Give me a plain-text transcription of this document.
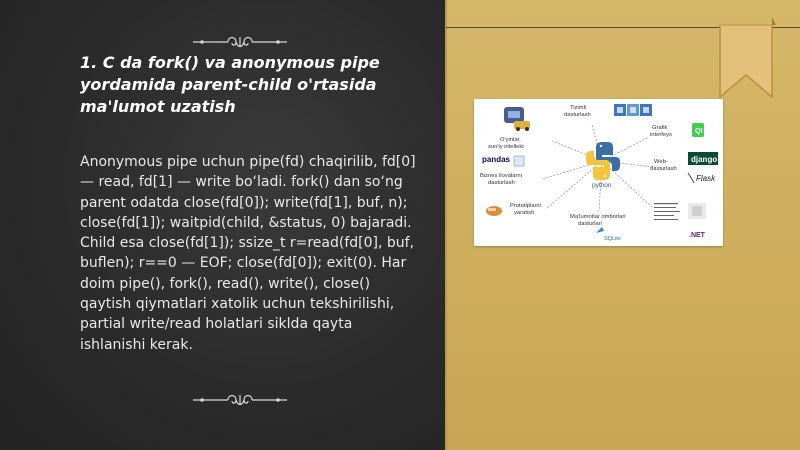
1. C da fork() va anonymous pipe yordamida parent-child o'rtasida ma'lumot uzatish

Anonymous pipe uchun pipe(fd) chaqirilib, fd[0] — read, fd[1] — write bo‘ladi. fork() dan so‘ng parent odatda close(fd[0]); write(fd[1], buf, n); close(fd[1]); waitpid(child, &status, 0) bajaradi. Child esa close(fd[1]); ssize_t r=read(fd[0], buf, buflen); r==0 — EOF; close(fd[0]); exit(0). Har doim pipe(), fork(), read(), write(), close() qaytish qiymatlari xatolik uchun tekshirilishi, partial write/read holatlari siklda qayta ishlanishi kerak.

python
Tizimli dasturlash
Grafik interfeys	Qt
Web-dasturlash
django
Flask
O'yinlar, sun'iy intellekt
pandas
Biznes ilovalarni dasturlash
Prototiplarni yaratish
Ma'lumotlar omborlari dasturlari
SQLite	.NET
